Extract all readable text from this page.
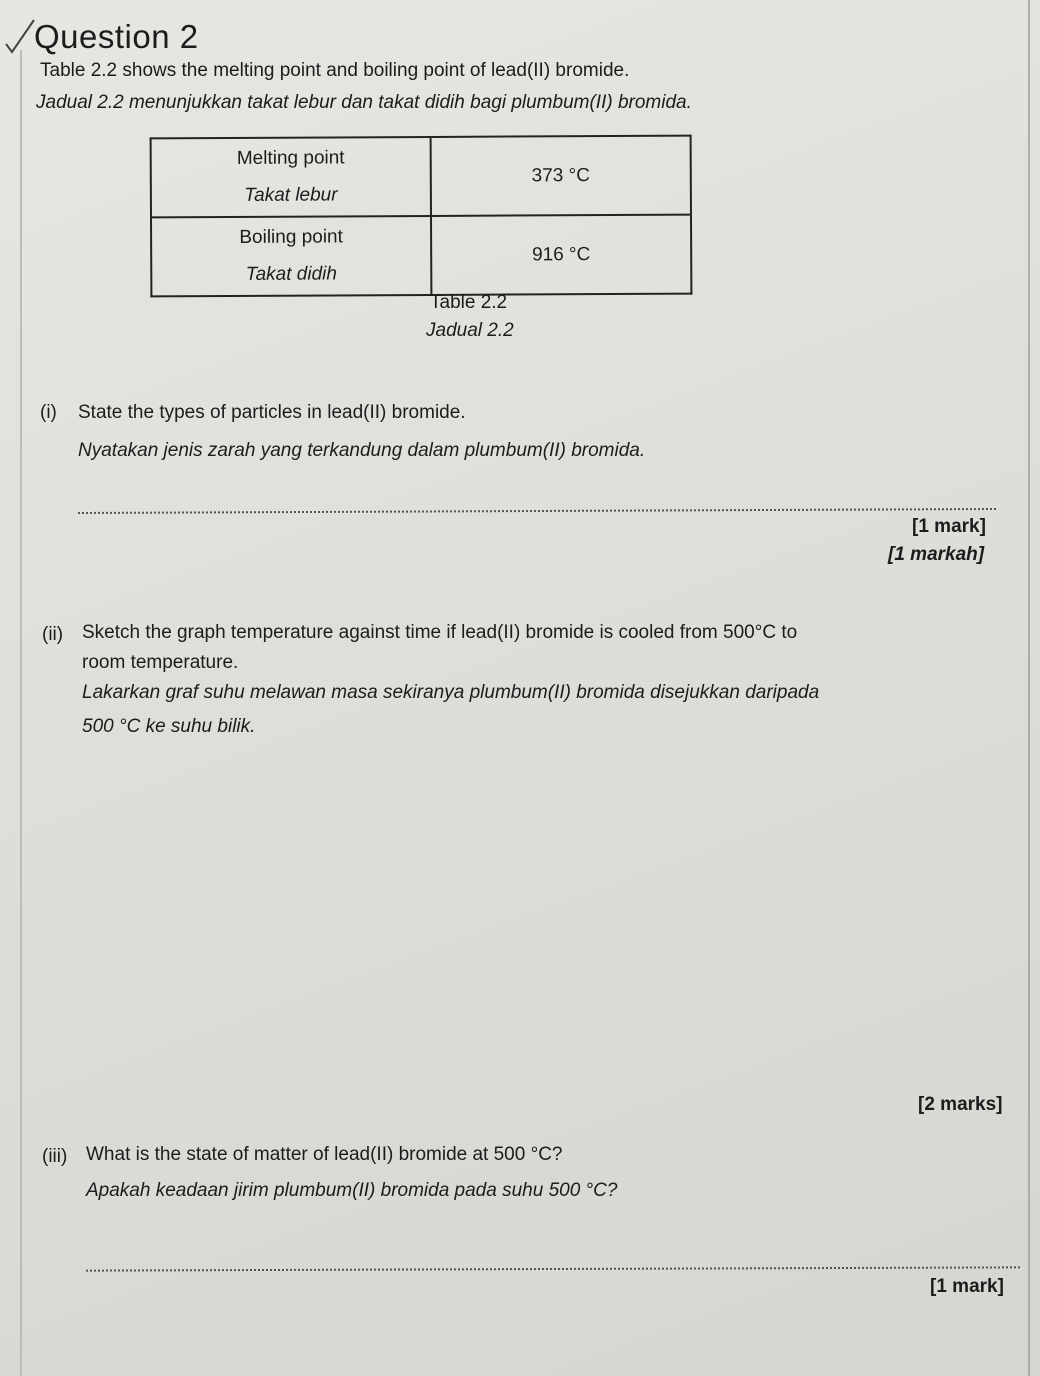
Question 2

Table 2.2 shows the melting point and boiling point of lead(II) bromide.

Jadual 2.2 menunjukkan takat lebur dan takat didih bagi plumbum(II) bromida.

Melting point
Takat lebur	373 °C

Boiling point
Takat didih	916 °C

Table 2.2

Jadual 2.2

(i) State the types of particles in lead(II) bromide.

Nyatakan jenis zarah yang terkandung dalam plumbum(II) bromida.

[1 mark]

[1 markah]

(ii) Sketch the graph temperature against time if lead(II) bromide is cooled from 500°C to

room temperature.

Lakarkan graf suhu melawan masa sekiranya plumbum(II) bromida disejukkan daripada

500 °C ke suhu bilik.

[2 marks]

(iii) What is the state of matter of lead(II) bromide at 500 °C?

Apakah keadaan jirim plumbum(II) bromida pada suhu 500 °C?

[1 mark]
